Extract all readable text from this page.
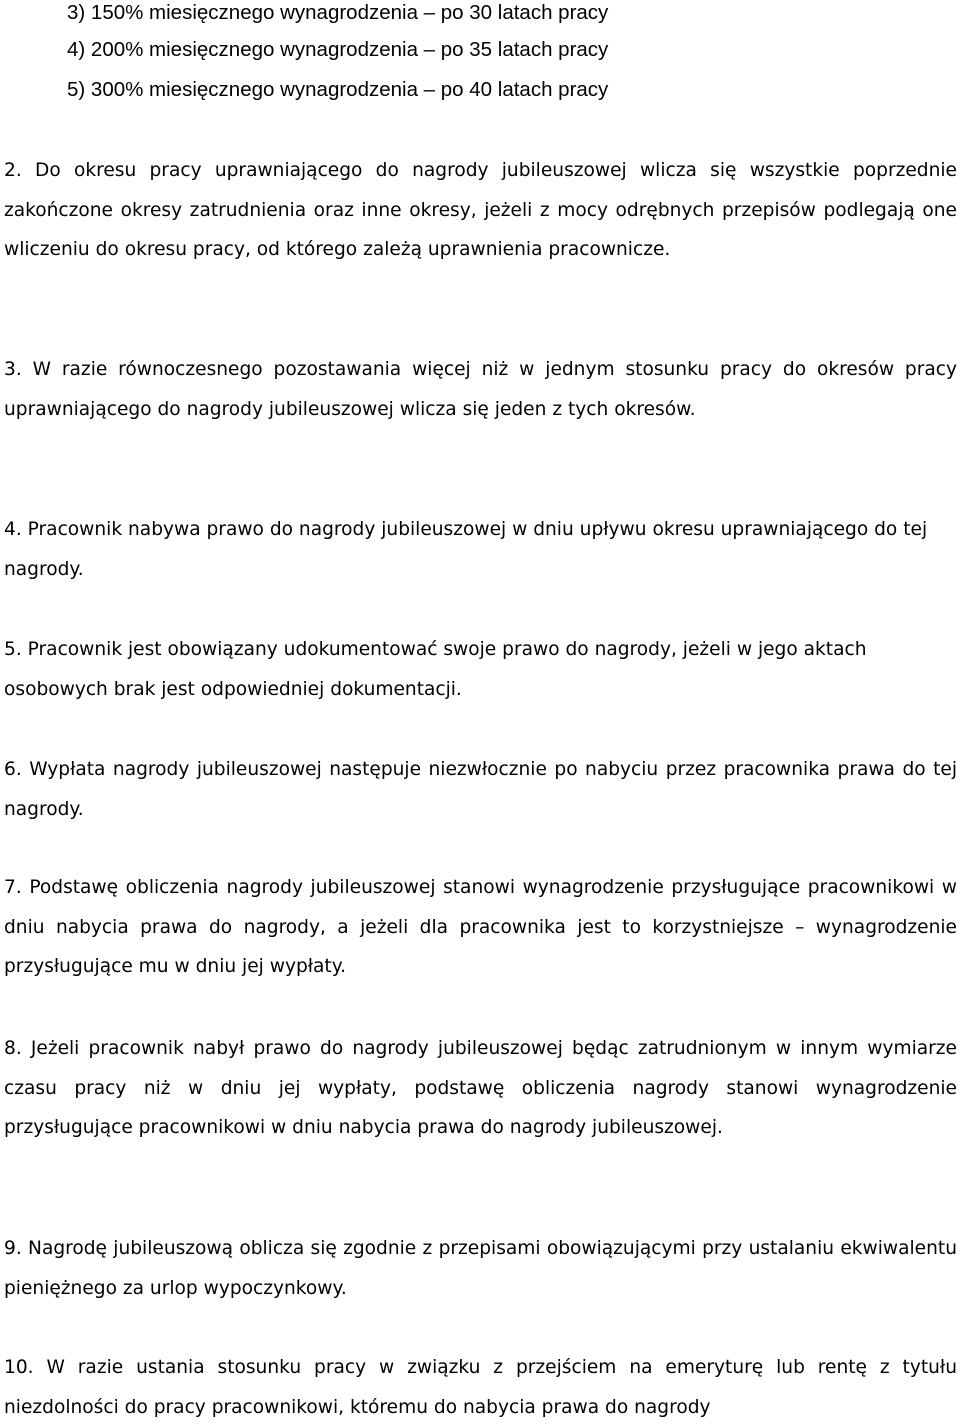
3) 150% miesięcznego wynagrodzenia – po 30 latach pracy
4) 200% miesięcznego wynagrodzenia – po 35 latach pracy
5) 300% miesięcznego wynagrodzenia – po 40 latach pracy

2. Do okresu pracy uprawniającego do nagrody jubileuszowej wlicza się wszystkie poprzednie zakończone okresy zatrudnienia oraz inne okresy, jeżeli z mocy odrębnych przepisów podlegają one wliczeniu do okresu pracy, od którego zależą uprawnienia pracownicze.

3. W razie równoczesnego pozostawania więcej niż w jednym stosunku pracy do okresów pracy uprawniającego do nagrody jubileuszowej wlicza się jeden z tych okresów.

4. Pracownik nabywa prawo do nagrody jubileuszowej w dniu upływu okresu uprawniającego do tej nagrody.

5. Pracownik jest obowiązany udokumentować swoje prawo do nagrody, jeżeli w jego aktach osobowych brak jest odpowiedniej dokumentacji.

6. Wypłata nagrody jubileuszowej następuje niezwłocznie po nabyciu przez pracownika prawa do tej nagrody.

7. Podstawę obliczenia nagrody jubileuszowej stanowi wynagrodzenie przysługujące pracownikowi w dniu nabycia prawa do nagrody, a jeżeli dla pracownika jest to korzystniejsze – wynagrodzenie przysługujące mu w dniu jej wypłaty.

8. Jeżeli pracownik nabył prawo do nagrody jubileuszowej będąc zatrudnionym w innym wymiarze czasu pracy niż w dniu jej wypłaty, podstawę obliczenia nagrody stanowi wynagrodzenie przysługujące pracownikowi w dniu nabycia prawa do nagrody jubileuszowej.

9. Nagrodę jubileuszową oblicza się zgodnie z przepisami obowiązującymi przy ustalaniu ekwiwalentu pieniężnego za urlop wypoczynkowy.

10. W razie ustania stosunku pracy w związku z przejściem na emeryturę lub rentę z tytułu niezdolności do pracy pracownikowi, któremu do nabycia prawa do nagrody
